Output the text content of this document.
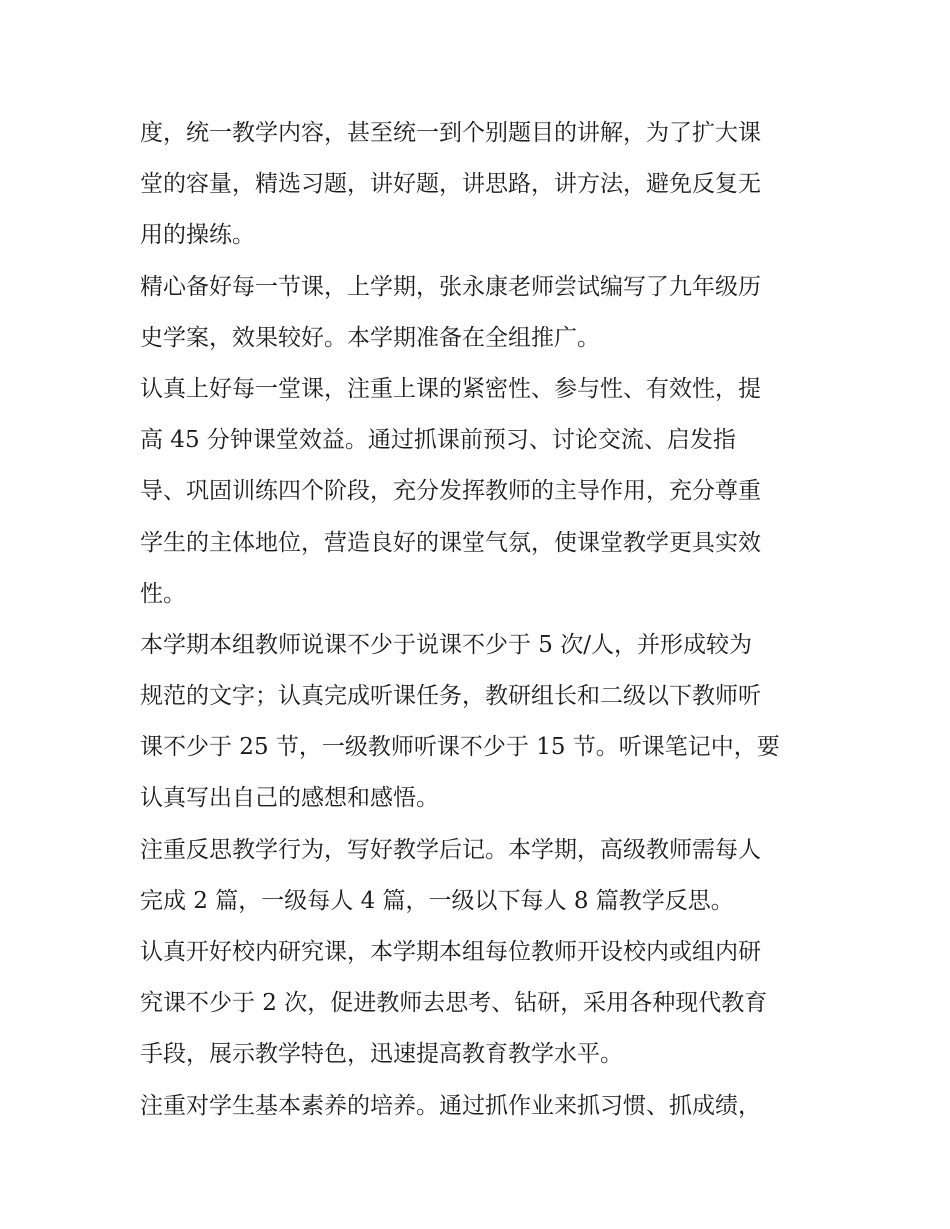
度，统一教学内容，甚至统一到个别题目的讲解，为了扩大课
堂的容量，精选习题，讲好题，讲思路，讲方法，避免反复无
用的操练。
精心备好每一节课，上学期，张永康老师尝试编写了九年级历
史学案，效果较好。本学期准备在全组推广。
认真上好每一堂课，注重上课的紧密性、参与性、有效性，提
高 45 分钟课堂效益。通过抓课前预习、讨论交流、启发指
导、巩固训练四个阶段，充分发挥教师的主导作用，充分尊重
学生的主体地位，营造良好的课堂气氛，使课堂教学更具实效
性。
本学期本组教师说课不少于说课不少于 5 次/人，并形成较为
规范的文字；认真完成听课任务，教研组长和二级以下教师听
课不少于 25 节，一级教师听课不少于 15 节。听课笔记中，要
认真写出自己的感想和感悟。
注重反思教学行为，写好教学后记。本学期，高级教师需每人
完成 2 篇，一级每人 4 篇，一级以下每人 8 篇教学反思。
认真开好校内研究课，本学期本组每位教师开设校内或组内研
究课不少于 2 次，促进教师去思考、钻研，采用各种现代教育
手段，展示教学特色，迅速提高教育教学水平。
注重对学生基本素养的培养。通过抓作业来抓习惯、抓成绩，
